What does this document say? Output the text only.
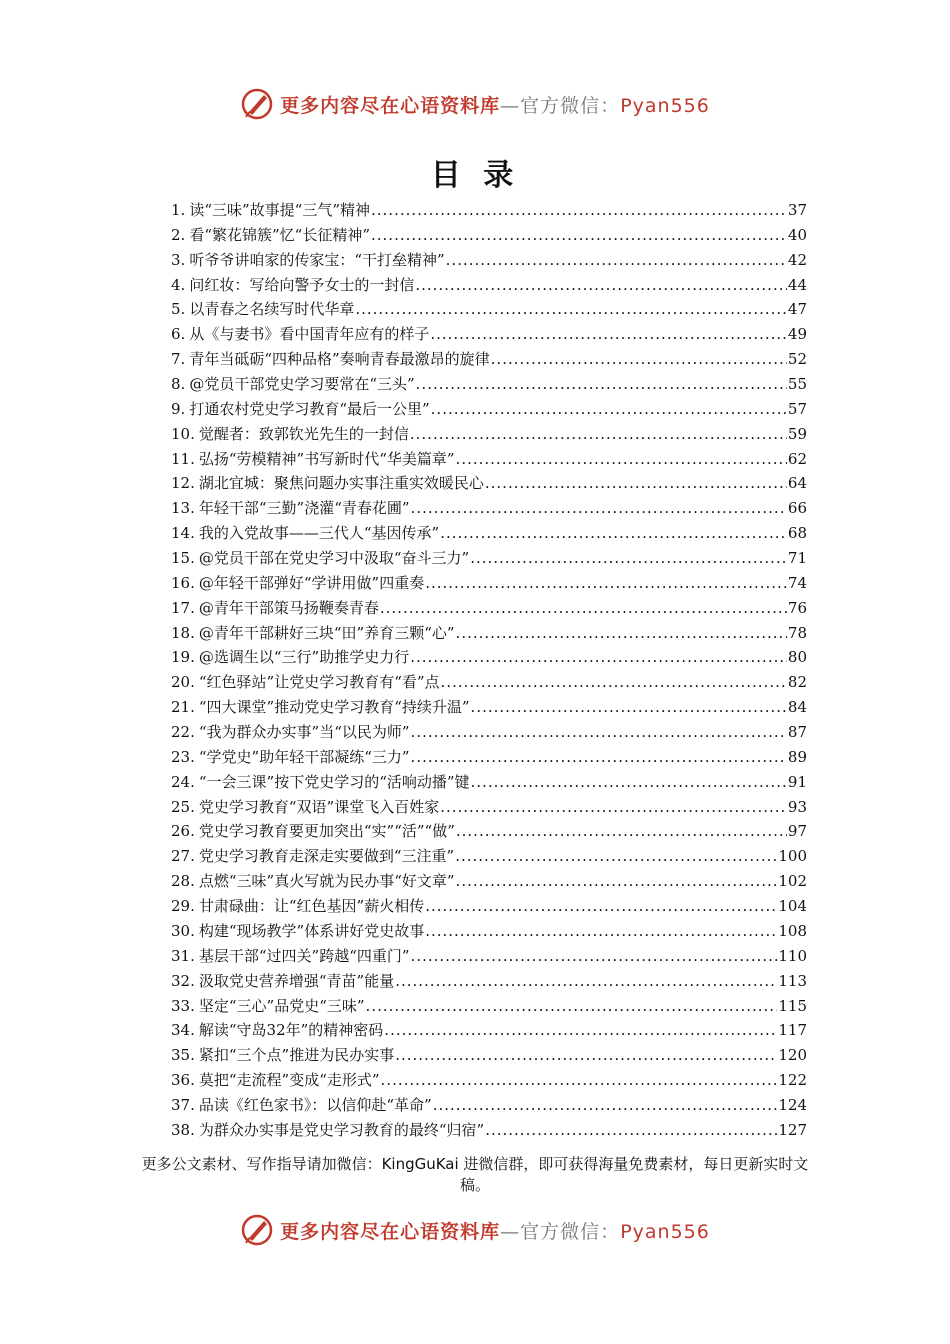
更多内容尽在心语资料库—官方微信：Pyan556
目 录
1. 读“三味”故事提“三气”精神 .....	37
2. 看“繁花锦簇”忆“长征精神” .....	40
3. 听爷爷讲咱家的传家宝：“干打垒精神” .....	42
4. 问红妆：写给向警予女士的一封信 .....	44
5. 以青春之名续写时代华章 .....	47
6. 从《与妻书》看中国青年应有的样子 .....	49
7. 青年当砥砺“四种品格”奏响青春最激昂的旋律 .....	52
8. @党员干部党史学习要常在“三头” .....	55
9. 打通农村党史学习教育“最后一公里” .....	57
10. 觉醒者：致郭钦光先生的一封信 .....	59
11. 弘扬“劳模精神”书写新时代“华美篇章” .....	62
12. 湖北宜城：聚焦问题办实事注重实效暖民心 .....	64
13. 年轻干部“三勤”浇灌“青春花圃” .....	66
14. 我的入党故事——三代人“基因传承” .....	68
15. @党员干部在党史学习中汲取“奋斗三力” .....	71
16. @年轻干部弹好“学讲用做”四重奏 .....	74
17. @青年干部策马扬鞭奏青春 .....	76
18. @青年干部耕好三块“田”养育三颗“心” .....	78
19. @选调生以“三行”助推学史力行 .....	80
20. “红色驿站”让党史学习教育有“看”点 .....	82
21. “四大课堂”推动党史学习教育“持续升温” .....	84
22. “我为群众办实事”当“以民为师” .....	87
23. “学党史”助年轻干部凝练“三力” .....	89
24. “一会三课”按下党史学习的“活响动播”键 .....	91
25. 党史学习教育“双语”课堂飞入百姓家 .....	93
26. 党史学习教育要更加突出“实”“活”“做” .....	97
27. 党史学习教育走深走实要做到“三注重” .....	100
28. 点燃“三味”真火写就为民办事“好文章” .....	102
29. 甘肃碌曲：让“红色基因”薪火相传 .....	104
30. 构建“现场教学”体系讲好党史故事 .....	108
31. 基层干部“过四关”跨越“四重门” .....	110
32. 汲取党史营养增强“青苗”能量 .....	113
33. 坚定“三心”品党史“三味” .....	115
34. 解读“守岛32年”的精神密码 .....	117
35. 紧扣“三个点”推进为民办实事 .....	120
36. 莫把“走流程”变成“走形式” .....	122
37. 品读《红色家书》：以信仰赴“革命” .....	124
38. 为群众办实事是党史学习教育的最终“归宿” .....	127
更多公文素材、写作指导请加微信：KingGuKai 进微信群，即可获得海量免费素材，每日更新实时文稿。
更多内容尽在心语资料库—官方微信：Pyan556
